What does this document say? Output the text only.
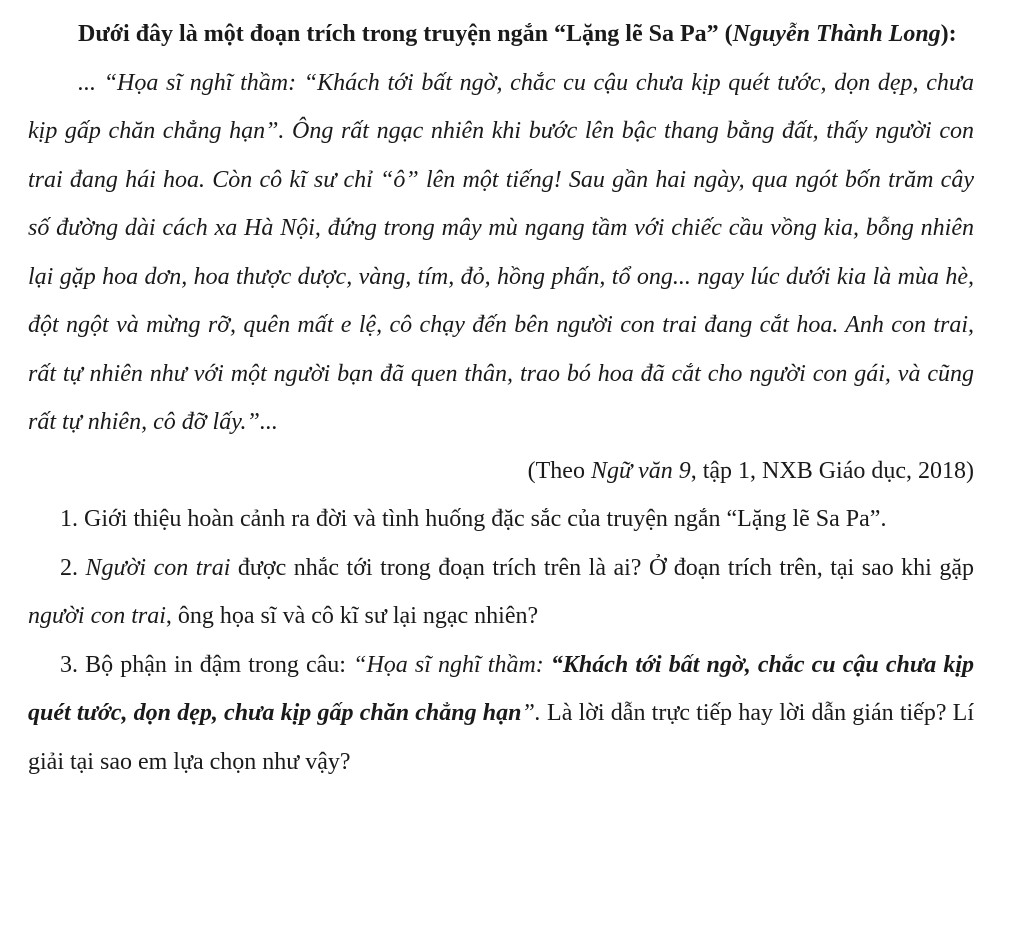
Dưới đây là một đoạn trích trong truyện ngắn “Lặng lẽ Sa Pa” (Nguyễn Thành Long):

... “Họa sĩ nghĩ thầm: “Khách tới bất ngờ, chắc cu cậu chưa kịp quét tước, dọn dẹp, chưa kịp gấp chăn chẳng hạn”. Ông rất ngạc nhiên khi bước lên bậc thang bằng đất, thấy người con trai đang hái hoa. Còn cô kĩ sư chỉ “ô” lên một tiếng! Sau gần hai ngày, qua ngót bốn trăm cây số đường dài cách xa Hà Nội, đứng trong mây mù ngang tầm với chiếc cầu vồng kia, bỗng nhiên lại gặp hoa dơn, hoa thược dược, vàng, tím, đỏ, hồng phấn, tổ ong... ngay lúc dưới kia là mùa hè, đột ngột và mừng rỡ, quên mất e lệ, cô chạy đến bên người con trai đang cắt hoa. Anh con trai, rất tự nhiên như với một người bạn đã quen thân, trao bó hoa đã cắt cho người con gái, và cũng rất tự nhiên, cô đỡ lấy.”...

(Theo Ngữ văn 9, tập 1, NXB Giáo dục, 2018)

1. Giới thiệu hoàn cảnh ra đời và tình huống đặc sắc của truyện ngắn “Lặng lẽ Sa Pa”.

2. Người con trai được nhắc tới trong đoạn trích trên là ai? Ở đoạn trích trên, tại sao khi gặp người con trai, ông họa sĩ và cô kĩ sư lại ngạc nhiên?

3. Bộ phận in đậm trong câu: “Họa sĩ nghĩ thầm: “Khách tới bất ngờ, chắc cu cậu chưa kịp quét tước, dọn dẹp, chưa kịp gấp chăn chẳng hạn”. Là lời dẫn trực tiếp hay lời dẫn gián tiếp? Lí giải tại sao em lựa chọn như vậy?
